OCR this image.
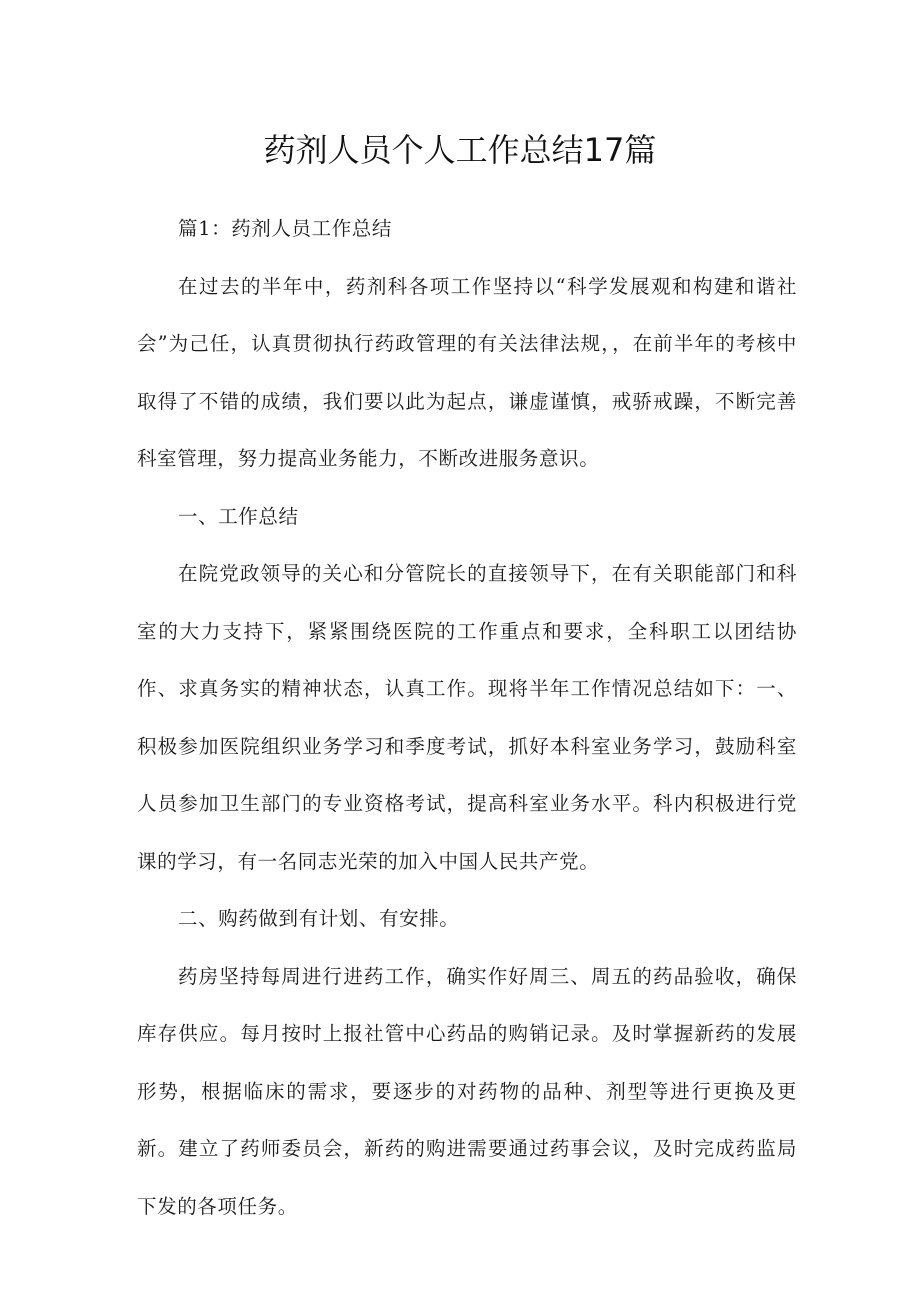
药剂人员个人工作总结17篇

篇1：药剂人员工作总结

在过去的半年中，药剂科各项工作坚持以“科学发展观和构建和谐社会”为己任，认真贯彻执行药政管理的有关法律法规，，在前半年的考核中取得了不错的成绩，我们要以此为起点，谦虚谨慎，戒骄戒躁，不断完善科室管理，努力提高业务能力，不断改进服务意识。

一、工作总结

在院党政领导的关心和分管院长的直接领导下，在有关职能部门和科室的大力支持下，紧紧围绕医院的工作重点和要求，全科职工以团结协作、求真务实的精神状态，认真工作。现将半年工作情况总结如下：一、积极参加医院组织业务学习和季度考试，抓好本科室业务学习，鼓励科室人员参加卫生部门的专业资格考试，提高科室业务水平。科内积极进行党课的学习，有一名同志光荣的加入中国人民共产党。

二、购药做到有计划、有安排。

药房坚持每周进行进药工作，确实作好周三、周五的药品验收，确保库存供应。每月按时上报社管中心药品的购销记录。及时掌握新药的发展形势，根据临床的需求，要逐步的对药物的品种、剂型等进行更换及更新。建立了药师委员会，新药的购进需要通过药事会议，及时完成药监局下发的各项任务。
